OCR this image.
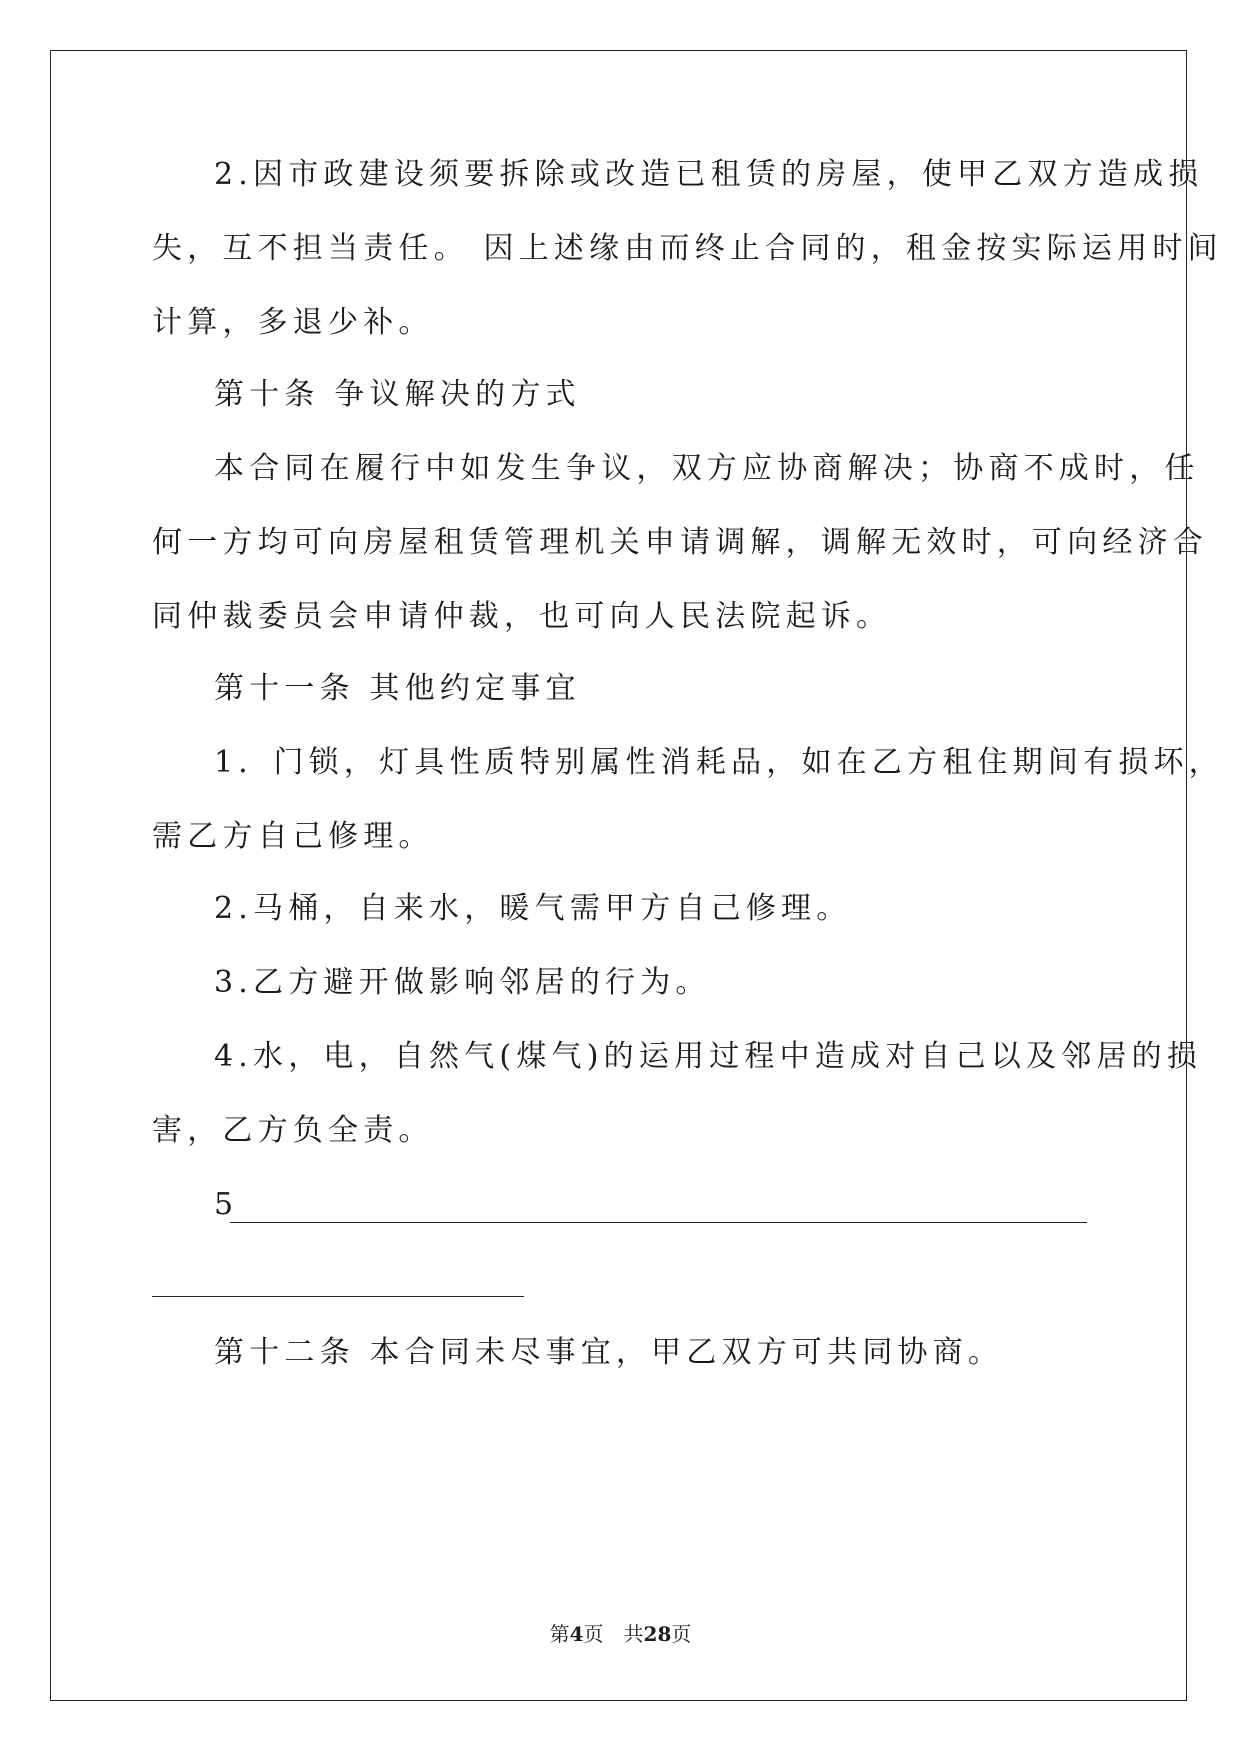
2.因市政建设须要拆除或改造已租赁的房屋，使甲乙双方造成损
失，互不担当责任。 因上述缘由而终止合同的，租金按实际运用时间
计算，多退少补。
第十条 争议解决的方式
本合同在履行中如发生争议，双方应协商解决；协商不成时，任
何一方均可向房屋租赁管理机关申请调解，调解无效时，可向经济合
同仲裁委员会申请仲裁，也可向人民法院起诉。
第十一条 其他约定事宜
1．门锁，灯具性质特别属性消耗品，如在乙方租住期间有损坏，
需乙方自己修理。
2.马桶，自来水，暖气需甲方自己修理。
3.乙方避开做影响邻居的行为。
4.水，电，自然气(煤气)的运用过程中造成对自己以及邻居的损
害，乙方负全责。
5
第十二条 本合同未尽事宜，甲乙双方可共同协商。
第4页　共28页
